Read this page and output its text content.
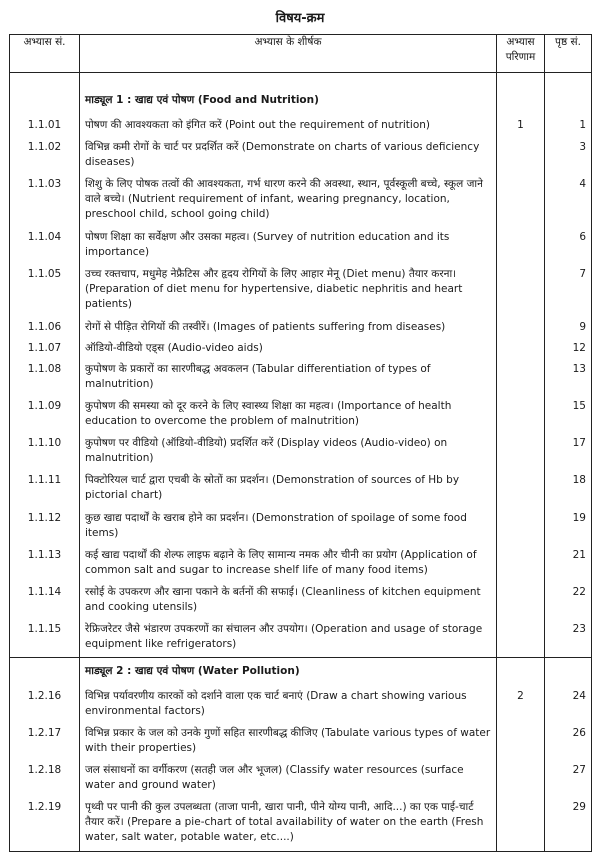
विषय-क्रम
अभ्यास सं.	अभ्यास के शीर्षक	अभ्यास परिणाम	पृष्ठ सं.
	माड्यूल 1 : खाद्य एवं पोषण (Food and Nutrition)		
1.1.01	पोषण की आवश्यकता को इंगित करें (Point out the requirement of nutrition)	1	1
1.1.02	विभिन्न कमी रोगों के चार्ट पर प्रदर्शित करें (Demonstrate on charts of various deficiency diseases)		3
1.1.03	शिशु के लिए पोषक तत्वों की आवश्यकता, गर्भ धारण करने की अवस्था, स्थान, पूर्वस्कूली बच्चे, स्कूल जाने वाले बच्चे। (Nutrient requirement of infant, wearing pregnancy, location, preschool child, school going child)		4
1.1.04	पोषण शिक्षा का सर्वेक्षण और उसका महत्व। (Survey of nutrition education and its importance)		6
1.1.05	उच्च रक्तचाप, मधुमेह नेफ्रैटिस और हृदय रोगियों के लिए आहार मेनू (Diet menu) तैयार करना। (Preparation of diet menu for hypertensive, diabetic nephritis and heart patients)		7
1.1.06	रोगों से पीड़ित रोगियों की तस्वीरें। (Images of patients suffering from diseases)		9
1.1.07	ऑडियो-वीडियो एड्स (Audio-video aids)		12
1.1.08	कुपोषण के प्रकारों का सारणीबद्ध अवकलन (Tabular differentiation of types of malnutrition)		13
1.1.09	कुपोषण की समस्या को दूर करने के लिए स्वास्थ्य शिक्षा का महत्व। (Importance of health education to overcome the problem of malnutrition)		15
1.1.10	कुपोषण पर वीडियो (ऑडियो-वीडियो) प्रदर्शित करें (Display videos (Audio-video) on malnutrition)		17
1.1.11	पिक्टोरियल चार्ट द्वारा एचबी के स्रोतों का प्रदर्शन। (Demonstration of sources of Hb by pictorial chart)		18
1.1.12	कुछ खाद्य पदार्थों के खराब होने का प्रदर्शन। (Demonstration of spoilage of some food items)		19
1.1.13	कई खाद्य पदार्थों की शेल्फ लाइफ बढ़ाने के लिए सामान्य नमक और चीनी का प्रयोग (Application of common salt and sugar to increase shelf life of many food items)		21
1.1.14	रसोई के उपकरण और खाना पकाने के बर्तनों की सफाई। (Cleanliness of kitchen equipment and cooking utensils)		22
1.1.15	रेफ्रिजरेटर जैसे भंडारण उपकरणों का संचालन और उपयोग। (Operation and usage of storage equipment like refrigerators)		23
	माड्यूल 2 : खाद्य एवं पोषण (Water Pollution)		
1.2.16	विभिन्न पर्यावरणीय कारकों को दर्शाने वाला एक चार्ट बनाएं (Draw a chart showing various environmental factors)	2	24
1.2.17	विभिन्न प्रकार के जल को उनके गुणों सहित सारणीबद्ध कीजिए (Tabulate various types of water with their properties)		26
1.2.18	जल संसाधनों का वर्गीकरण (सतही जल और भूजल) (Classify water resources (surface water and ground water)		27
1.2.19	पृथ्वी पर पानी की कुल उपलब्धता (ताजा पानी, खारा पानी, पीने योग्य पानी, आदि...) का एक पाई-चार्ट तैयार करें। (Prepare a pie-chart of total availability of water on the earth (Fresh water, salt water, potable water, etc....)		29
